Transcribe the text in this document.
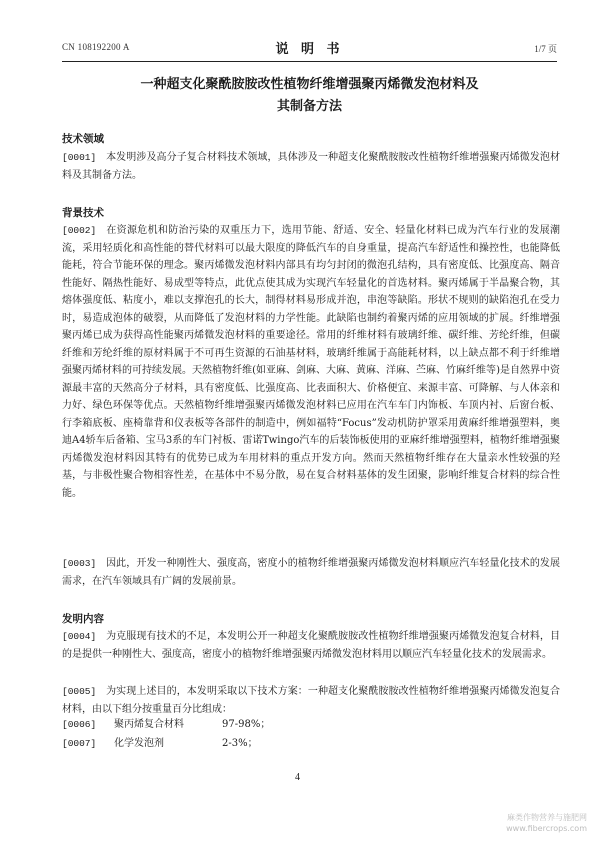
CN 108192200 A	说 明 书	1/7 页
一种超支化聚酰胺胺改性植物纤维增强聚丙烯微发泡材料及
其制备方法
技术领域
[0001] 本发明涉及高分子复合材料技术领域，具体涉及一种超支化聚酰胺胺改性植物纤维增强聚丙烯微发泡材料及其制备方法。
背景技术
[0002] 在资源危机和防治污染的双重压力下，选用节能、舒适、安全、轻量化材料已成为汽车行业的发展潮流，采用轻质化和高性能的替代材料可以最大限度的降低汽车的自身重量，提高汽车舒适性和操控性，也能降低能耗，符合节能环保的理念。聚丙烯微发泡材料内部具有均匀封闭的微泡孔结构，具有密度低、比强度高、隔音性能好、隔热性能好、易成型等特点，此优点使其成为实现汽车轻量化的首选材料。聚丙烯属于半晶聚合物，其熔体强度低、粘度小，难以支撑泡孔的长大，制得材料易形成并泡，串泡等缺陷。形状不规则的缺陷泡孔在受力时，易造成泡体的破裂，从而降低了发泡材料的力学性能。此缺陷也制约着聚丙烯的应用领域的扩展。纤维增强聚丙烯已成为获得高性能聚丙烯微发泡材料的重要途径。常用的纤维材料有玻璃纤维、碳纤维、芳纶纤维，但碳纤维和芳纶纤维的原材料属于不可再生资源的石油基材料，玻璃纤维属于高能耗材料，以上缺点都不利于纤维增强聚丙烯材料的可持续发展。天然植物纤维(如亚麻、剑麻、大麻、黄麻、洋麻、苎麻、竹麻纤维等)是自然界中资源最丰富的天然高分子材料，具有密度低、比强度高、比表面积大、价格便宜、来源丰富、可降解、与人体亲和力好、绿色环保等优点。天然植物纤维增强聚丙烯微发泡材料已应用在汽车车门内饰板、车顶内衬、后窗台板、行李箱底板、座椅靠背和仪表板等各部件的制造中，例如福特“Focus”发动机防护罩采用黄麻纤维增强塑料，奥迪A4轿车后备箱、宝马3系的车门衬板、雷诺Twingo汽车的后装饰板使用的亚麻纤维增强塑料，植物纤维增强聚丙烯微发泡材料因其特有的优势已成为车用材料的重点开发方向。然而天然植物纤维存在大量亲水性较强的羟基，与非极性聚合物相容性差，在基体中不易分散，易在复合材料基体的发生团聚，影响纤维复合材料的综合性能。
[0003] 因此，开发一种刚性大、强度高，密度小的植物纤维增强聚丙烯微发泡材料顺应汽车轻量化技术的发展需求，在汽车领域具有广阔的发展前景。
发明内容
[0004] 为克服现有技术的不足，本发明公开一种超支化聚酰胺胺改性植物纤维增强聚丙烯微发泡复合材料，目的是提供一种刚性大、强度高，密度小的植物纤维增强聚丙烯微发泡材料用以顺应汽车轻量化技术的发展需求。
[0005] 为实现上述目的，本发明采取以下技术方案：一种超支化聚酰胺胺改性植物纤维增强聚丙烯微发泡复合材料，由以下组分按重量百分比组成：
[0006] 聚丙烯复合材料	97-98%；
[0007] 化学发泡剂	2-3%；
4
麻类作物营养与施肥网
www.fibercrops.com
